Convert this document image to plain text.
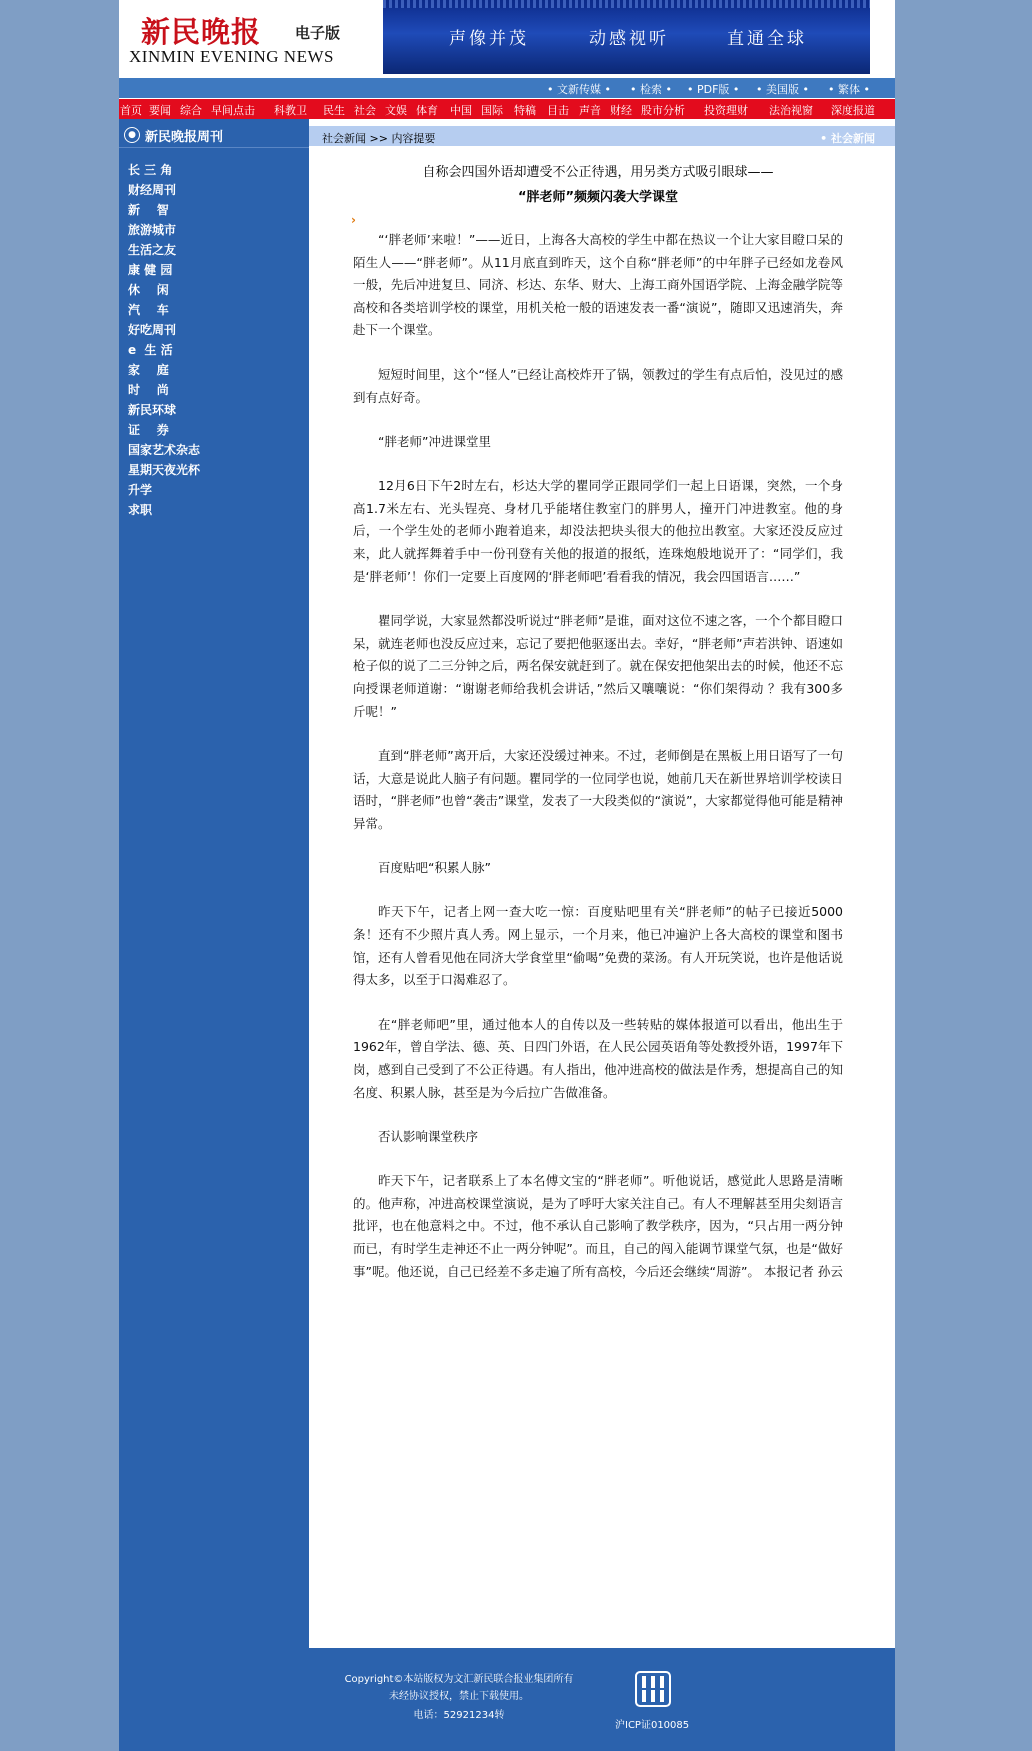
新民晚报 电子版
XINMIN EVENING NEWS
声像并茂	动感视听	直通全球
• 文新传媒 • • 检索 • • PDF版 • • 美国版 • • 繁体 •
首页 要闻 综合 早间点击 科教卫 民生 社会 文娱 体育 中国 国际 特稿 目击 声音 财经 股市分析 投资理财 法治视窗 深度报道
● 新民晚报周刊
长 三 角
财经周刊
新    智
旅游城市
生活之友
康 健 园
休    闲
汽    车
好吃周刊
e  生 活
家    庭
时    尚
新民环球
证    券
国家艺术杂志
星期天夜光杯
升学
求职
社会新闻 >> 内容提要	• 社会新闻

自称会四国外语却遭受不公正待遇，用另类方式吸引眼球——

“胖老师”频频闪袭大学课堂

›

“‘胖老师’来啦！”——近日，上海各大高校的学生中都在热议一个让大家目瞪口呆的陌生人——“胖老师”。从11月底直到昨天，这个自称“胖老师”的中年胖子已经如龙卷风一般，先后冲进复旦、同济、杉达、东华、财大、上海工商外国语学院、上海金融学院等高校和各类培训学校的课堂，用机关枪一般的语速发表一番“演说”，随即又迅速消失，奔赴下一个课堂。

短短时间里，这个“怪人”已经让高校炸开了锅，领教过的学生有点后怕，没见过的感到有点好奇。

“胖老师”冲进课堂里

12月6日下午2时左右，杉达大学的瞿同学正跟同学们一起上日语课，突然，一个身高1.7米左右、光头锃亮、身材几乎能堵住教室门的胖男人，撞开门冲进教室。他的身后，一个学生处的老师小跑着追来，却没法把块头很大的他拉出教室。大家还没反应过来，此人就挥舞着手中一份刊登有关他的报道的报纸，连珠炮般地说开了：“同学们，我是‘胖老师’！你们一定要上百度网的‘胖老师吧’看看我的情况，我会四国语言……”

瞿同学说，大家显然都没听说过“胖老师”是谁，面对这位不速之客，一个个都目瞪口呆，就连老师也没反应过来，忘记了要把他驱逐出去。幸好，“胖老师”声若洪钟、语速如枪子似的说了二三分钟之后，两名保安就赶到了。就在保安把他架出去的时候，他还不忘向授课老师道谢：“谢谢老师给我机会讲话，”然后又嚷嚷说：“你们架得动 ？我有300多斤呢！”

直到“胖老师”离开后，大家还没缓过神来。不过，老师倒是在黑板上用日语写了一句话，大意是说此人脑子有问题。瞿同学的一位同学也说，她前几天在新世界培训学校读日语时，“胖老师”也曾“袭击”课堂，发表了一大段类似的“演说”，大家都觉得他可能是精神异常。

百度贴吧“积累人脉”

昨天下午，记者上网一查大吃一惊：百度贴吧里有关“胖老师”的帖子已接近5000条！还有不少照片真人秀。网上显示，一个月来，他已冲遍沪上各大高校的课堂和图书馆，还有人曾看见他在同济大学食堂里“偷喝”免费的菜汤。有人开玩笑说，也许是他话说得太多，以至于口渴难忍了。

在“胖老师吧”里，通过他本人的自传以及一些转贴的媒体报道可以看出，他出生于1962年，曾自学法、德、英、日四门外语，在人民公园英语角等处教授外语，1997年下岗，感到自己受到了不公正待遇。有人指出，他冲进高校的做法是作秀，想提高自己的知名度、积累人脉，甚至是为今后拉广告做准备。

否认影响课堂秩序

昨天下午，记者联系上了本名傅文宝的“胖老师”。听他说话，感觉此人思路是清晰的。他声称，冲进高校课堂演说，是为了呼吁大家关注自己。有人不理解甚至用尖刻语言批评，也在他意料之中。不过，他不承认自己影响了教学秩序，因为，“只占用一两分钟而已，有时学生走神还不止一两分钟呢”。而且，自己的闯入能调节课堂气氛，也是“做好事”呢。他还说，自己已经差不多走遍了所有高校，今后还会继续“周游”。 本报记者 孙云

Copyright©本站版权为文汇新民联合报业集团所有
未经协议授权，禁止下载使用。
电话：52921234转
沪ICP证010085
